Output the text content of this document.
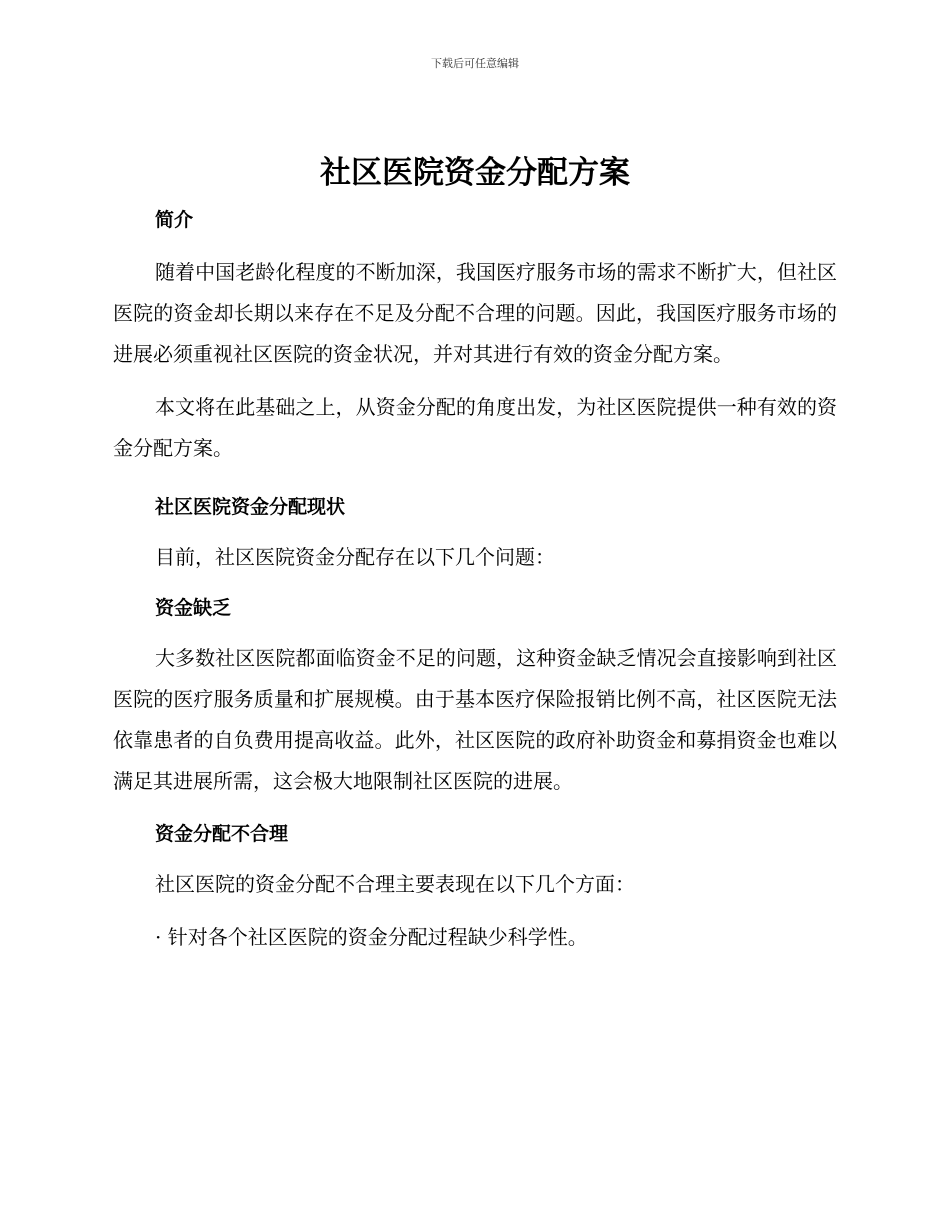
下载后可任意编辑
社区医院资金分配方案
简介

随着中国老龄化程度的不断加深，我国医疗服务市场的需求不断扩大，但社区医院的资金却长期以来存在不足及分配不合理的问题。因此，我国医疗服务市场的进展必须重视社区医院的资金状况，并对其进行有效的资金分配方案。

本文将在此基础之上，从资金分配的角度出发，为社区医院提供一种有效的资金分配方案。

社区医院资金分配现状

目前，社区医院资金分配存在以下几个问题：

资金缺乏

大多数社区医院都面临资金不足的问题，这种资金缺乏情况会直接影响到社区医院的医疗服务质量和扩展规模。由于基本医疗保险报销比例不高，社区医院无法依靠患者的自负费用提高收益。此外，社区医院的政府补助资金和募捐资金也难以满足其进展所需，这会极大地限制社区医院的进展。

资金分配不合理

社区医院的资金分配不合理主要表现在以下几个方面：

· 针对各个社区医院的资金分配过程缺少科学性。
